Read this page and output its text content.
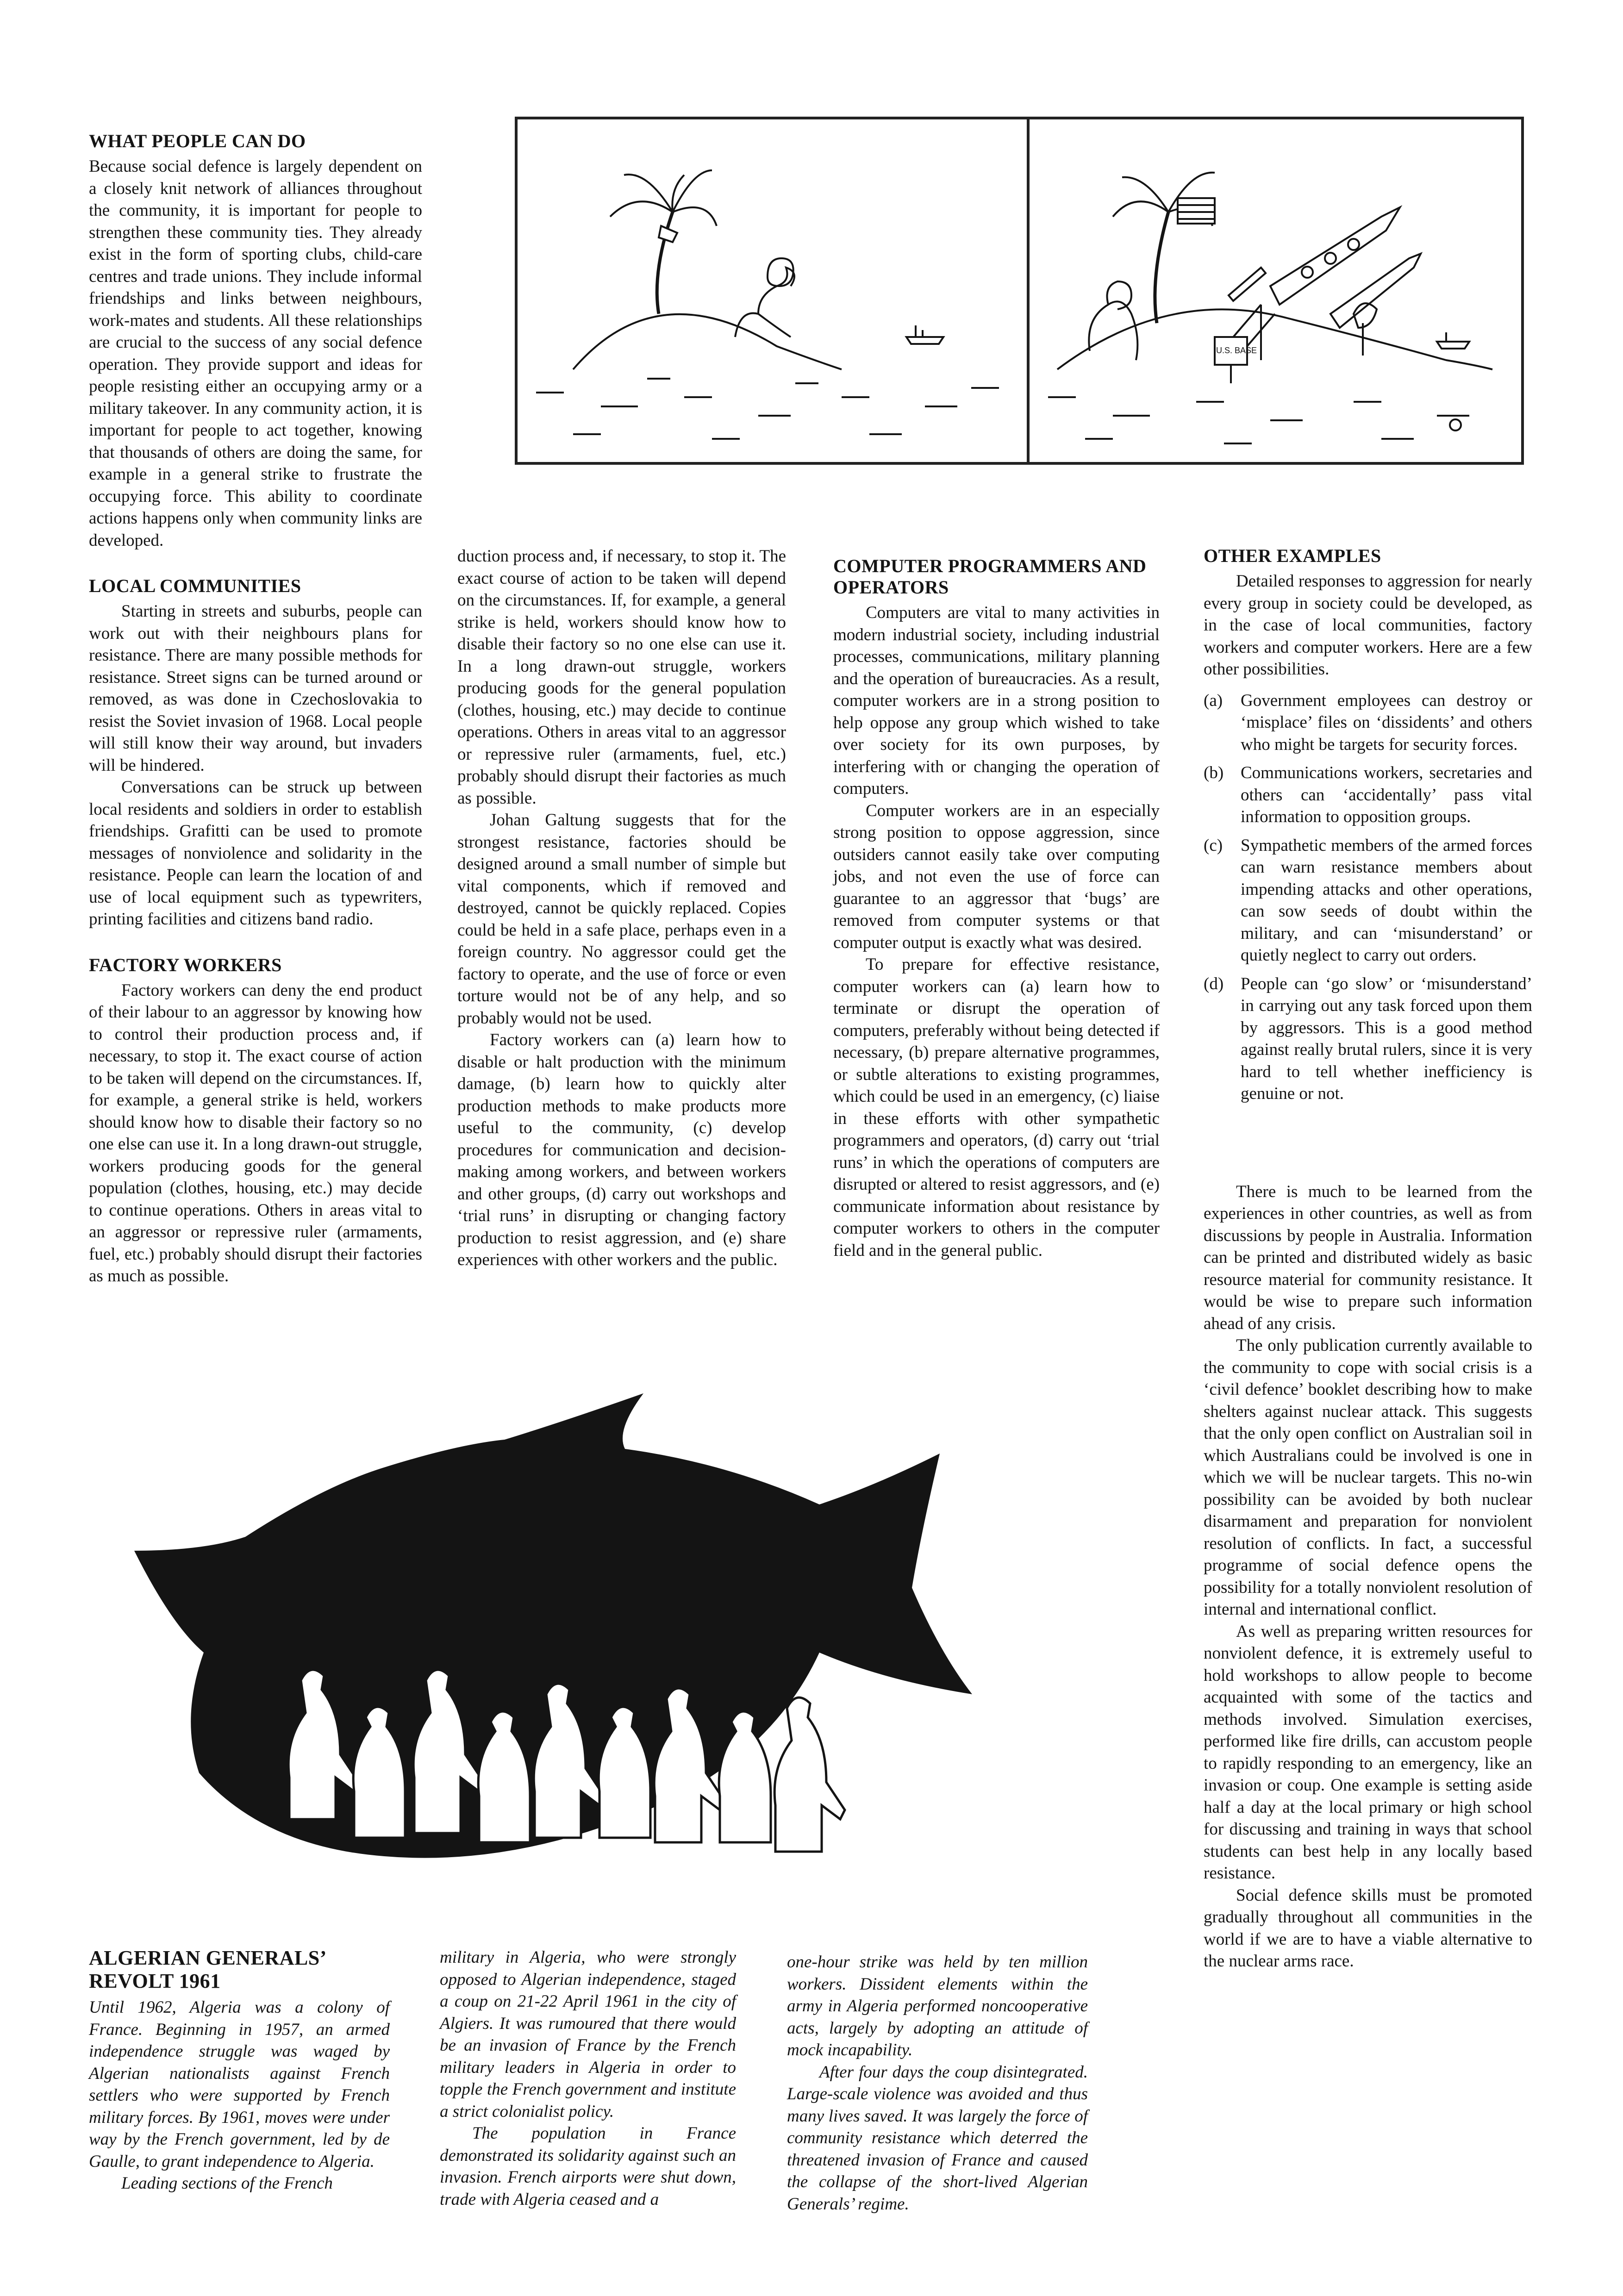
WHAT PEOPLE CAN DO

Because social defence is largely dependent on a closely knit network of alliances throughout the community, it is important for people to strengthen these community ties. They already exist in the form of sporting clubs, child-care centres and trade unions. They include informal friendships and links between neighbours, work-mates and students. All these relationships are crucial to the success of any social defence operation. They provide support and ideas for people resisting either an occupying army or a military takeover. In any community action, it is important for people to act together, knowing that thousands of others are doing the same, for example in a general strike to frustrate the occupying force. This ability to coordinate actions happens only when community links are developed.

LOCAL COMMUNITIES

Starting in streets and suburbs, people can work out with their neighbours plans for resistance. There are many possible methods for resistance. Street signs can be turned around or removed, as was done in Czechoslovakia to resist the Soviet invasion of 1968. Local people will still know their way around, but invaders will be hindered.

Conversations can be struck up between local residents and soldiers in order to establish friendships. Grafitti can be used to promote messages of nonviolence and solidarity in the resistance. People can learn the location of and use of local equipment such as typewriters, printing facilities and citizens band radio.

FACTORY WORKERS

Factory workers can deny the end product of their labour to an aggressor by knowing how to control their production process and, if necessary, to stop it. The exact course of action to be taken will depend on the circumstances. If, for example, a general strike is held, workers should know how to disable their factory so no one else can use it. In a long drawn-out struggle, workers producing goods for the general population (clothes, housing, etc.) may decide to continue operations. Others in areas vital to an aggressor or repressive ruler (armaments, fuel, etc.) probably should disrupt their factories as much as possible.

U.S. BASE

duction process and, if necessary, to stop it. The exact course of action to be taken will depend on the circumstances. If, for example, a general strike is held, workers should know how to disable their factory so no one else can use it. In a long drawn-out struggle, workers producing goods for the general population (clothes, housing, etc.) may decide to continue operations. Others in areas vital to an aggressor or repressive ruler (armaments, fuel, etc.) probably should disrupt their factories as much as possible.

Johan Galtung suggests that for the strongest resistance, factories should be designed around a small number of simple but vital components, which if removed and destroyed, cannot be quickly replaced. Copies could be held in a safe place, perhaps even in a foreign country. No aggressor could get the factory to operate, and the use of force or even torture would not be of any help, and so probably would not be used.

Factory workers can (a) learn how to disable or halt production with the minimum damage, (b) learn how to quickly alter production methods to make products more useful to the community, (c) develop procedures for communication and decision-making among workers, and between workers and other groups, (d) carry out workshops and ‘trial runs’ in disrupting or changing factory production to resist aggression, and (e) share experiences with other workers and the public.

COMPUTER PROGRAMMERS AND OPERATORS

Computers are vital to many activities in modern industrial society, including industrial processes, communications, military planning and the operation of bureaucracies. As a result, computer workers are in a strong position to help oppose any group which wished to take over society for its own purposes, by interfering with or changing the operation of computers.

Computer workers are in an especially strong position to oppose aggression, since outsiders cannot easily take over computing jobs, and not even the use of force can guarantee to an aggressor that ‘bugs’ are removed from computer systems or that computer output is exactly what was desired.

To prepare for effective resistance, computer workers can (a) learn how to terminate or disrupt the operation of computers, preferably without being detected if necessary, (b) prepare alternative programmes, or subtle alterations to existing programmes, which could be used in an emergency, (c) liaise in these efforts with other sympathetic programmers and operators, (d) carry out ‘trial runs’ in which the operations of computers are disrupted or altered to resist aggressors, and (e) communicate information about resistance by computer workers to others in the computer field and in the general public.

OTHER EXAMPLES

Detailed responses to aggression for nearly every group in society could be developed, as in the case of local communities, factory workers and computer workers. Here are a few other possibilities.

(a) Government employees can destroy or ‘misplace’ files on ‘dissidents’ and others who might be targets for security forces.

(b) Communications workers, secretaries and others can ‘accidentally’ pass vital information to opposition groups.

(c) Sympathetic members of the armed forces can warn resistance members about impending attacks and other operations, can sow seeds of doubt within the military, and can ‘misunderstand’ or quietly neglect to carry out orders.

(d) People can ‘go slow’ or ‘misunderstand’ in carrying out any task forced upon them by aggressors. This is a good method against really brutal rulers, since it is very hard to tell whether inefficiency is genuine or not.

There is much to be learned from the experiences in other countries, as well as from discussions by people in Australia. Information can be printed and distributed widely as basic resource material for community resistance. It would be wise to prepare such information ahead of any crisis.

The only publication currently available to the community to cope with social crisis is a ‘civil defence’ booklet describing how to make shelters against nuclear attack. This suggests that the only open conflict on Australian soil in which Australians could be involved is one in which we will be nuclear targets. This no-win possibility can be avoided by both nuclear disarmament and preparation for nonviolent resolution of conflicts. In fact, a successful programme of social defence opens the possibility for a totally nonviolent resolution of internal and international conflict.

As well as preparing written resources for nonviolent defence, it is extremely useful to hold workshops to allow people to become acquainted with some of the tactics and methods involved. Simulation exercises, performed like fire drills, can accustom people to rapidly responding to an emergency, like an invasion or coup. One example is setting aside half a day at the local primary or high school for discussing and training in ways that school students can best help in any locally based resistance.

Social defence skills must be promoted gradually throughout all communities in the world if we are to have a viable alternative to the nuclear arms race.

ALGERIAN GENERALS’ REVOLT 1961

Until 1962, Algeria was a colony of France. Beginning in 1957, an armed independence struggle was waged by Algerian nationalists against French settlers who were supported by French military forces. By 1961, moves were under way by the French government, led by de Gaulle, to grant independence to Algeria.

Leading sections of the French

military in Algeria, who were strongly opposed to Algerian independence, staged a coup on 21-22 April 1961 in the city of Algiers. It was rumoured that there would be an invasion of France by the French military leaders in Algeria in order to topple the French government and institute a strict colonialist policy.

The population in France demonstrated its solidarity against such an invasion. French airports were shut down, trade with Algeria ceased and a

one-hour strike was held by ten million workers. Dissident elements within the army in Algeria performed noncooperative acts, largely by adopting an attitude of mock incapability.

After four days the coup disintegrated. Large-scale violence was avoided and thus many lives saved. It was largely the force of community resistance which deterred the threatened invasion of France and caused the collapse of the short-lived Algerian Generals’ regime.
